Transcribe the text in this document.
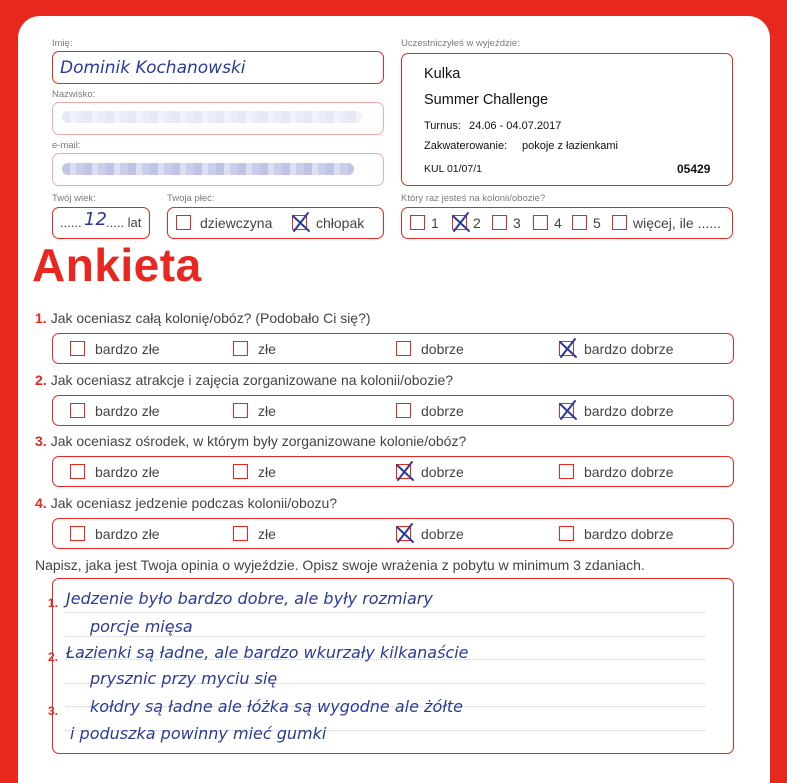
Imię:
Dominik Kochanowski
Nazwisko:
e-mail:
Twój wiek:
...... 12 ..... lat
Twoja płeć:
dziewczyna	chłopak
Uczestniczyłeś w wyjeździe:
Kulka
Summer Challenge
Turnus: 24.06 - 04.07.2017
Zakwaterowanie: pokoje z łazienkami
KUL 01/07/1	05429
Który raz jesteś na kolonii/obozie?
1 2 3 4 5 więcej, ile ......
Ankieta
1. Jak oceniasz całą kolonię/obóz? (Podobało Ci się?)
bardzo złe	złe	dobrze	bardzo dobrze
2. Jak oceniasz atrakcje i zajęcia zorganizowane na kolonii/obozie?
bardzo złe	złe	dobrze	bardzo dobrze
3. Jak oceniasz ośrodek, w którym były zorganizowane kolonie/obóz?
bardzo złe	złe	dobrze	bardzo dobrze
4. Jak oceniasz jedzenie podczas kolonii/obozu?
bardzo złe	złe	dobrze	bardzo dobrze
Napisz, jaka jest Twoja opinia o wyjeździe. Opisz swoje wrażenia z pobytu w minimum 3 zdaniach.
1.
2.
3.
Jedzenie było bardzo dobre, ale były rozmiary
porcje mięsa
Łazienki są ładne, ale bardzo wkurzały kilkanaście
prysznic przy myciu się
kołdry są ładne ale łóżka są wygodne ale żółte
i poduszka powinny mieć gumki
